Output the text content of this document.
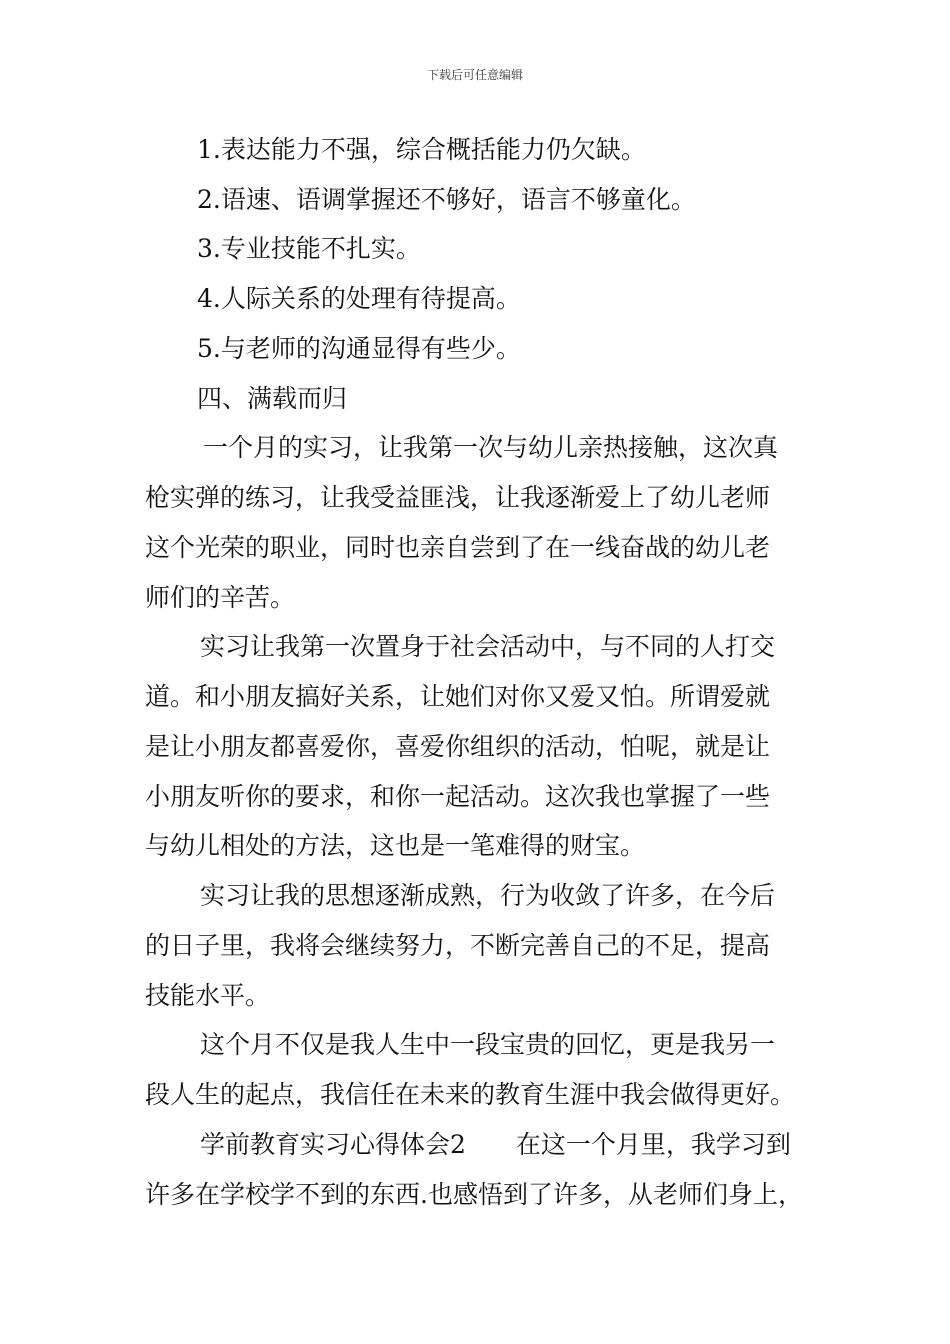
下载后可任意编辑
1.表达能力不强，综合概括能力仍欠缺。
2.语速、语调掌握还不够好，语言不够童化。
3.专业技能不扎实。
4.人际关系的处理有待提高。
5.与老师的沟通显得有些少。
四、满载而归
一个月的实习，让我第一次与幼儿亲热接触，这次真
枪实弹的练习，让我受益匪浅，让我逐渐爱上了幼儿老师
这个光荣的职业，同时也亲自尝到了在一线奋战的幼儿老
师们的辛苦。
实习让我第一次置身于社会活动中，与不同的人打交
道。和小朋友搞好关系，让她们对你又爱又怕。所谓爱就
是让小朋友都喜爱你，喜爱你组织的活动，怕呢，就是让
小朋友听你的要求，和你一起活动。这次我也掌握了一些
与幼儿相处的方法，这也是一笔难得的财宝。
实习让我的思想逐渐成熟，行为收敛了许多，在今后
的日子里，我将会继续努力，不断完善自己的不足，提高
技能水平。
这个月不仅是我人生中一段宝贵的回忆，更是我另一
段人生的起点，我信任在未来的教育生涯中我会做得更好。
学前教育实习心得体会2　　在这一个月里，我学习到
许多在学校学不到的东西.也感悟到了许多，从老师们身上，
